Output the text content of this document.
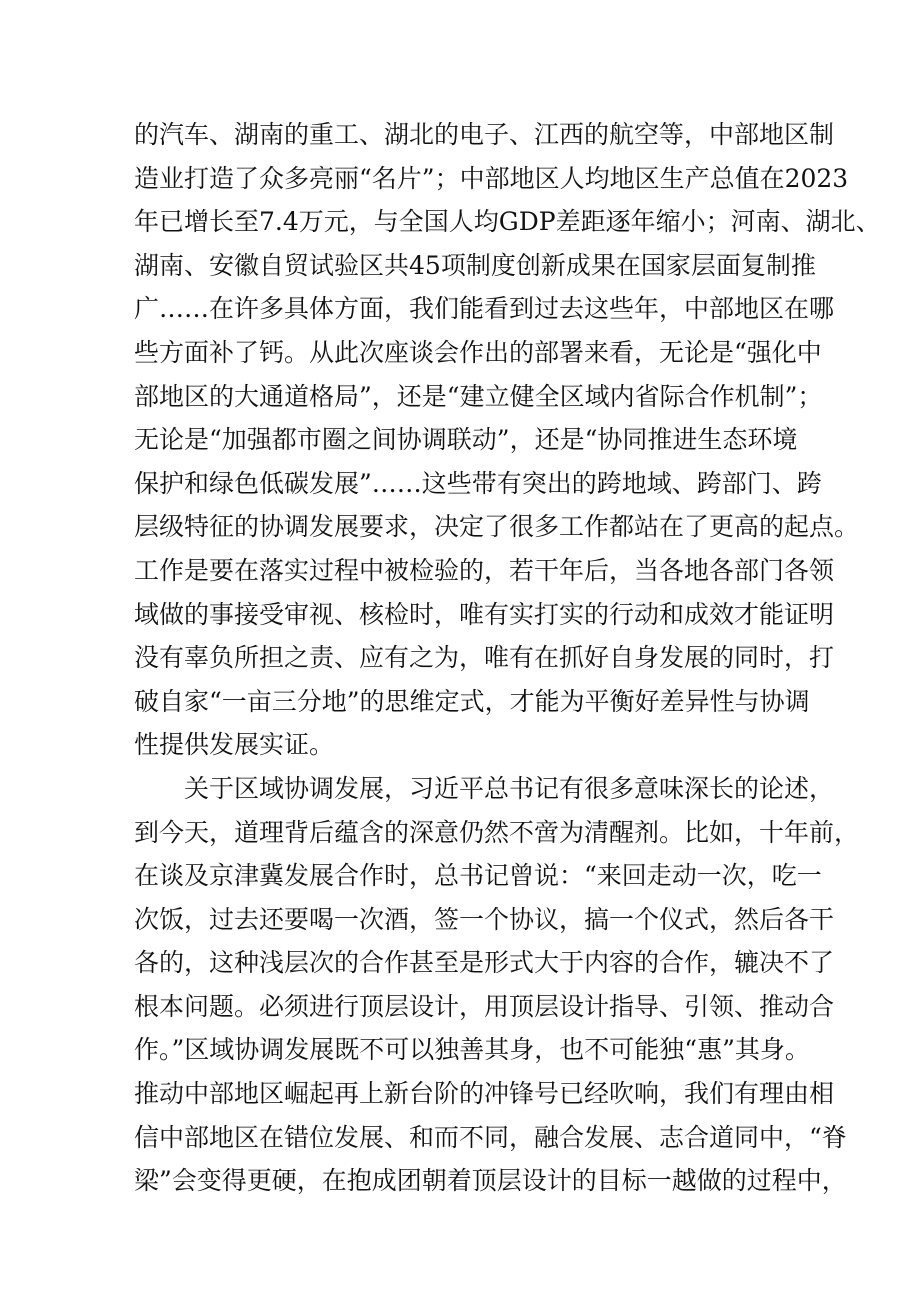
的汽车、湖南的重工、湖北的电子、江西的航空等，中部地区制
造业打造了众多亮丽“名片”；中部地区人均地区生产总值在2023
年已增长至7.4万元，与全国人均GDP差距逐年缩小；河南、湖北、
湖南、安徽自贸试验区共45项制度创新成果在国家层面复制推
广……在许多具体方面，我们能看到过去这些年，中部地区在哪
些方面补了钙。从此次座谈会作出的部署来看，无论是“强化中
部地区的大通道格局”，还是“建立健全区域内省际合作机制”；
无论是“加强都市圈之间协调联动”，还是“协同推进生态环境
保护和绿色低碳发展”……这些带有突出的跨地域、跨部门、跨
层级特征的协调发展要求，决定了很多工作都站在了更高的起点。
工作是要在落实过程中被检验的，若干年后，当各地各部门各领
域做的事接受审视、核检时，唯有实打实的行动和成效才能证明
没有辜负所担之责、应有之为，唯有在抓好自身发展的同时，打
破自家“一亩三分地”的思维定式，才能为平衡好差异性与协调
性提供发展实证。
关于区域协调发展，习近平总书记有很多意味深长的论述，
到今天，道理背后蕴含的深意仍然不啻为清醒剂。比如，十年前，
在谈及京津冀发展合作时，总书记曾说：“来回走动一次，吃一
次饭，过去还要喝一次酒，签一个协议，搞一个仪式，然后各干
各的，这种浅层次的合作甚至是形式大于内容的合作，辘决不了
根本问题。必须进行顶层设计，用顶层设计指导、引领、推动合
作。”区域协调发展既不可以独善其身，也不可能独“惠”其身。
推动中部地区崛起再上新台阶的冲锋号已经吹响，我们有理由相
信中部地区在错位发展、和而不同，融合发展、志合道同中，“脊
梁”会变得更硬，在抱成团朝着顶层设计的目标一越做的过程中，
